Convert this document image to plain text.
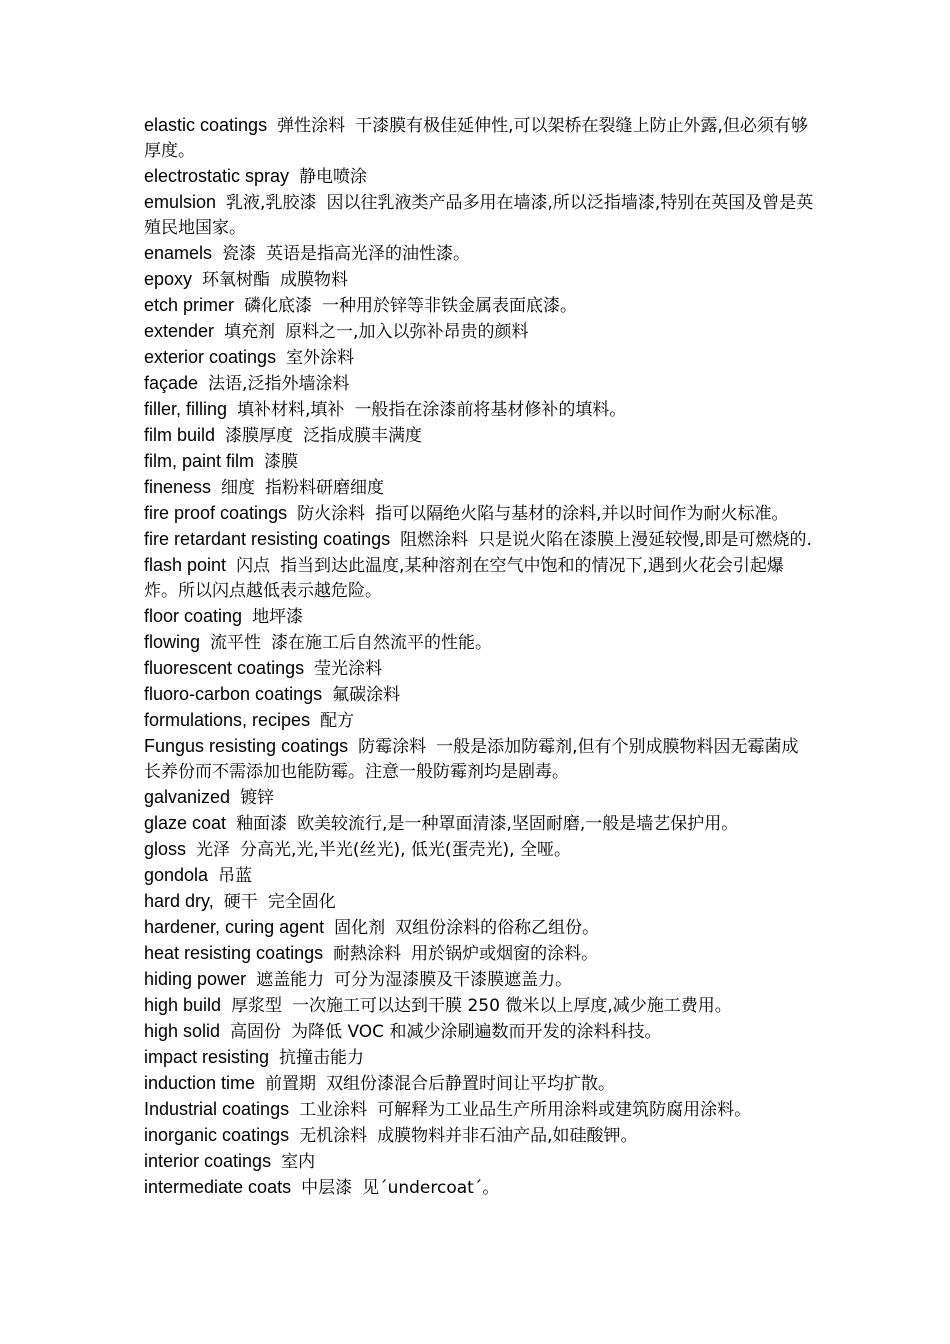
elastic coatings 弹性涂料 干漆膜有极佳延伸性,可以架桥在裂缝上防止外露,但必须有够厚度。

electrostatic spray 静电喷涂

emulsion 乳液,乳胶漆 因以往乳液类产品多用在墙漆,所以泛指墙漆,特别在英国及曾是英殖民地国家。

enamels 瓷漆 英语是指高光泽的油性漆。

epoxy 环氧树酯 成膜物料

etch primer 磷化底漆 一种用於锌等非铁金属表面底漆。

extender 填充剂 原料之一,加入以弥补昂贵的颜料

exterior coatings 室外涂料

façade 法语,泛指外墙涂料

filler, filling 填补材料,填补 一般指在涂漆前将基材修补的填料。

film build 漆膜厚度 泛指成膜丰满度

film, paint film 漆膜

fineness 细度 指粉料研磨细度

fire proof coatings 防火涂料 指可以隔绝火陷与基材的涂料,并以时间作为耐火标准。

fire retardant resisting coatings 阻燃涂料 只是说火陷在漆膜上漫延较慢,即是可燃烧的.

flash point 闪点 指当到达此温度,某种溶剂在空气中饱和的情况下,遇到火花会引起爆炸。所以闪点越低表示越危险。

floor coating 地坪漆

flowing 流平性 漆在施工后自然流平的性能。

fluorescent coatings 莹光涂料

fluoro-carbon coatings 氟碳涂料

formulations, recipes 配方

Fungus resisting coatings 防霉涂料 一般是添加防霉剂,但有个别成膜物料因无霉菌成长养份而不需添加也能防霉。注意一般防霉剂均是剧毒。

galvanized 镀锌

glaze coat 釉面漆 欧美较流行,是一种罩面清漆,坚固耐磨,一般是墙艺保护用。

gloss 光泽 分高光,光,半光(丝光), 低光(蛋壳光), 全哑。

gondola 吊蓝

hard dry, 硬干 完全固化

hardener, curing agent 固化剂 双组份涂料的俗称乙组份。

heat resisting coatings 耐熱涂料 用於锅炉或烟窗的涂料。

hiding power 遮盖能力 可分为湿漆膜及干漆膜遮盖力。

high build 厚浆型 一次施工可以达到干膜 250 微米以上厚度,减少施工费用。

high solid 高固份 为降低 VOC 和减少涂刷遍数而开发的涂料科技。

impact resisting 抗撞击能力

induction time 前置期 双组份漆混合后静置时间让平均扩散。

Industrial coatings 工业涂料 可解释为工业品生产所用涂料或建筑防腐用涂料。

inorganic coatings 无机涂料 成膜物料并非石油产品,如硅酸钾。

interior coatings 室内

intermediate coats 中层漆 见´undercoat´。
